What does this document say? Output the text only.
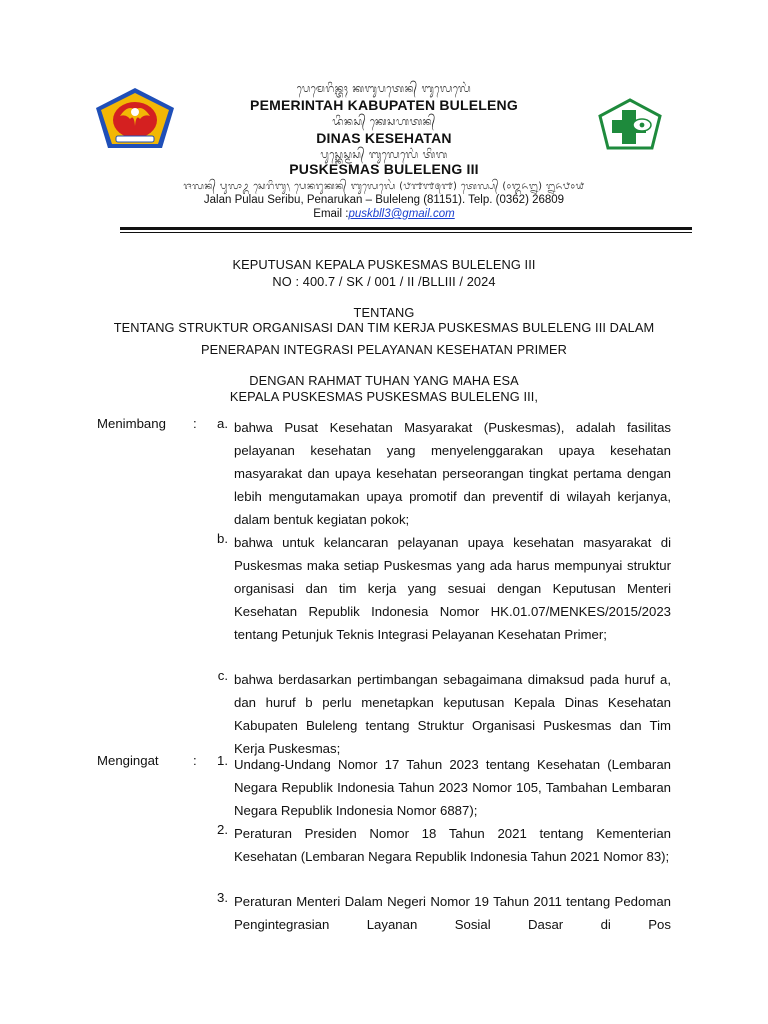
ᬧᬾᬫᬾᬭᬶᬦ᭄ᬢᬄ ᬓᬩᬸᬧᬢᬾᬦ᭄ ᬩᬸᬮᬾᬮᬾᬂ
PEMERINTAH KABUPATEN BULELENG
ᬤᬶᬦᬲ᭄ ᬓᬾᬲᬳᬢᬦ᭄
DINAS KESEHATAN
ᬧᬸᬲ᭄ᬓᬾᬲ᭄ᬫᬲ᭄ ᬩᬸᬮᬾᬮᬾᬂ ᬢᬶᬕ
PUSKESMAS BULELENG III
ᬚᬮᬦ᭄ ᬧᬸᬮᬵᬉ ᬲᬾᬭᬶᬩᬸ᭞ ᬧᬾᬦᬭᬸᬓᬦ᭄ ᬩᬸᬮᬾᬮᬾᬂ (᭘᭑᭑᭕᭑) ᬢᬾᬮ᭄ᬧ᭄ (᭐᭓᭖᭒) ᭒᭖᭘᭐᭙
Jalan Pulau Seribu, Penarukan – Buleleng (81151). Telp. (0362) 26809
Email :puskbll3@gmail.com
KEPUTUSAN KEPALA PUSKESMAS BULELENG III
NO : 400.7 / SK / 001 / II /BLLIII / 2024
TENTANG
TENTANG STRUKTUR ORGANISASI DAN TIM KERJA PUSKESMAS BULELENG III DALAM
PENERAPAN INTEGRASI PELAYANAN KESEHATAN PRIMER
DENGAN RAHMAT TUHAN YANG MAHA ESA
KEPALA PUSKESMAS PUSKESMAS BULELENG III,
Menimbang :	a. bahwa Pusat Kesehatan Masyarakat (Puskesmas), adalah fasilitas pelayanan kesehatan yang menyelenggarakan upaya kesehatan masyarakat dan upaya kesehatan perseorangan tingkat pertama dengan lebih mengutamakan upaya promotif dan preventif di wilayah kerjanya, dalam bentuk kegiatan pokok;

b. bahwa untuk kelancaran pelayanan upaya kesehatan masyarakat di Puskesmas maka setiap Puskesmas yang ada harus mempunyai struktur organisasi dan tim kerja yang sesuai dengan Keputusan Menteri Kesehatan Republik Indonesia Nomor HK.01.07/MENKES/2015/2023 tentang Petunjuk Teknis Integrasi Pelayanan Kesehatan Primer;

c. bahwa berdasarkan pertimbangan sebagaimana dimaksud pada huruf a, dan huruf b perlu menetapkan keputusan Kepala Dinas Kesehatan Kabupaten Buleleng tentang Struktur Organisasi Puskesmas dan Tim Kerja Puskesmas;

Mengingat	:	1. Undang-Undang Nomor 17 Tahun 2023 tentang Kesehatan (Lembaran Negara Republik Indonesia Tahun 2023 Nomor 105, Tambahan Lembaran Negara Republik Indonesia Nomor 6887);

2. Peraturan Presiden Nomor 18 Tahun 2021 tentang Kementerian Kesehatan (Lembaran Negara Republik Indonesia Tahun 2021 Nomor 83);

3. Peraturan Menteri Dalam Negeri Nomor 19 Tahun 2011 tentang Pedoman Pengintegrasian Layanan Sosial Dasar di Pos
